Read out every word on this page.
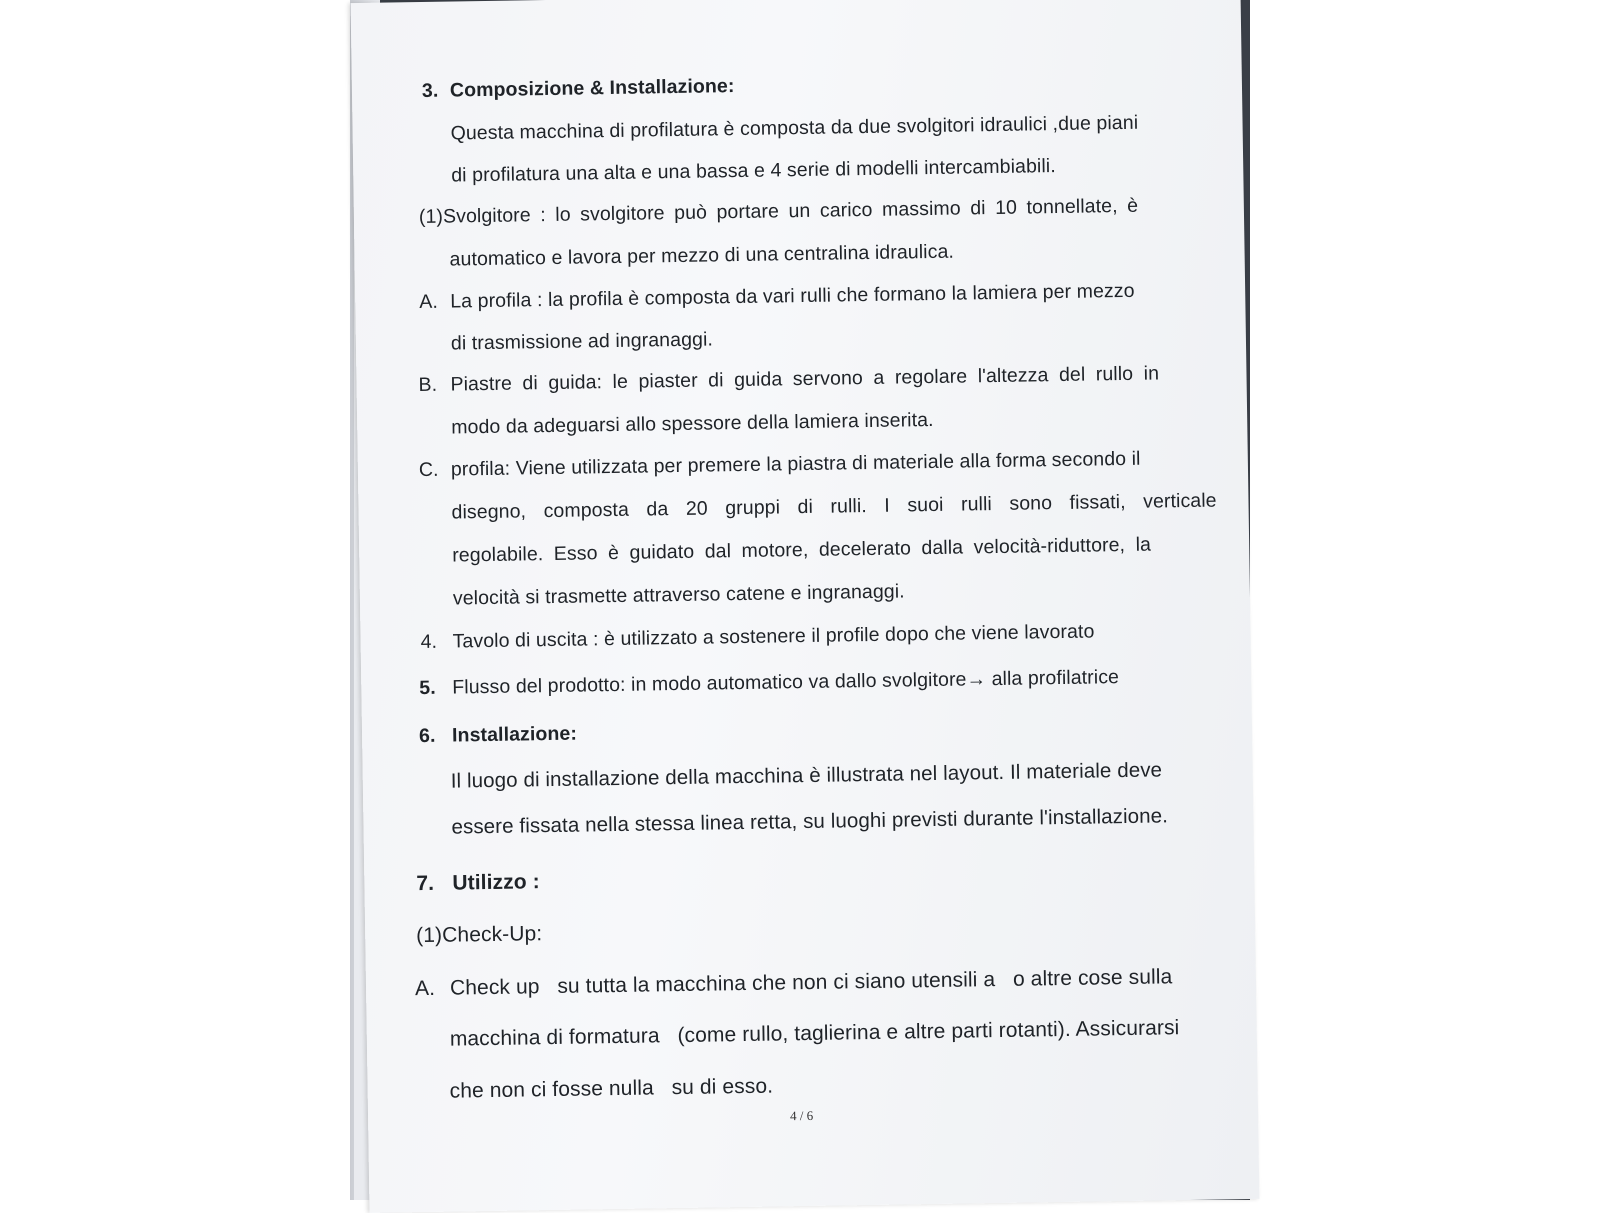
3. Composizione & Installazione:
Questa macchina di profilatura è composta da due svolgitori idraulici ,due piani
di profilatura una alta e una bassa e 4 serie di modelli intercambiabili.
(1)Svolgitore : lo svolgitore può portare un carico massimo di 10 tonnellate, è
automatico e lavora per mezzo di una centralina idraulica.
A. La profila : la profila è composta da vari rulli che formano la lamiera per mezzo
di trasmissione ad ingranaggi.
B. Piastre di guida: le piaster di guida servono a regolare l'altezza del rullo in
modo da adeguarsi allo spessore della lamiera inserita.
C. profila: Viene utilizzata per premere la piastra di materiale alla forma secondo il
disegno, composta da 20 gruppi di rulli. I suoi rulli sono fissati, verticale
regolabile. Esso è guidato dal motore, decelerato dalla velocità-riduttore, la
velocità si trasmette attraverso catene e ingranaggi.
4. Tavolo di uscita : è utilizzato a sostenere il profile dopo che viene lavorato
5. Flusso del prodotto: in modo automatico va dallo svolgitore→ alla profilatrice
6. Installazione:
Il luogo di installazione della macchina è illustrata nel layout. Il materiale deve
essere fissata nella stessa linea retta, su luoghi previsti durante l'installazione.
7. Utilizzo :
(1)Check-Up:
A. Check up   su tutta la macchina che non ci siano utensili a   o altre cose sulla
macchina di formatura   (come rullo, taglierina e altre parti rotanti). Assicurarsi
che non ci fosse nulla   su di esso.
4 / 6
